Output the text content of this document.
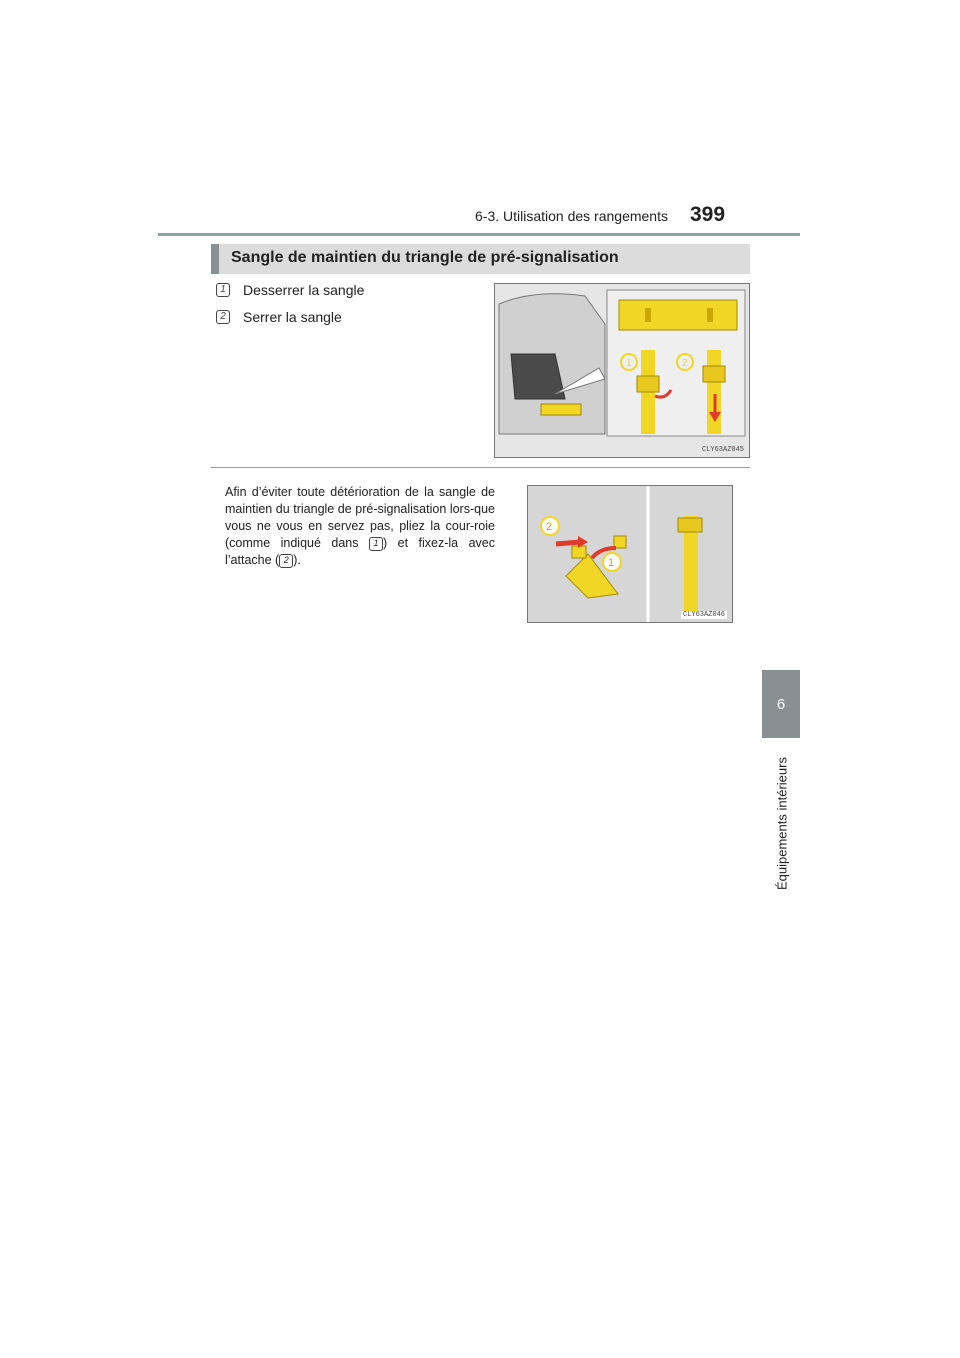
6-3. Utilisation des rangements 399
6
Équipements intérieurs
Sangle de maintien du triangle de pré-signalisation
1	Desserrer la sangle
2	Serrer la sangle
1	2
CLY63AZ045
Afin d’éviter toute détérioration de la sangle de maintien du triangle de pré-signalisation lors-que vous ne vous en servez pas, pliez la cour-roie (comme indiqué dans 1 ) et fixez-la avec l’attache ( 2 ).
2
1
CLY63AZ046
